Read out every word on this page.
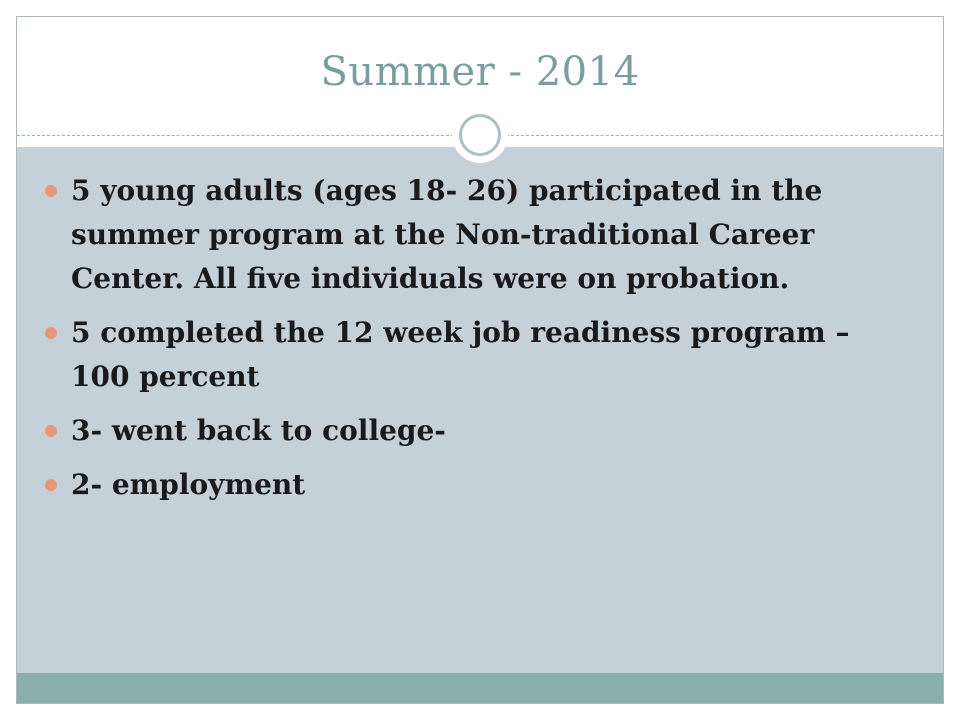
Summer - 2014
5 young adults (ages 18- 26) participated in the summer program at the Non-traditional Career Center. All five individuals were on probation.
5 completed the 12 week job readiness program – 100 percent
3- went back to college-
2- employment
